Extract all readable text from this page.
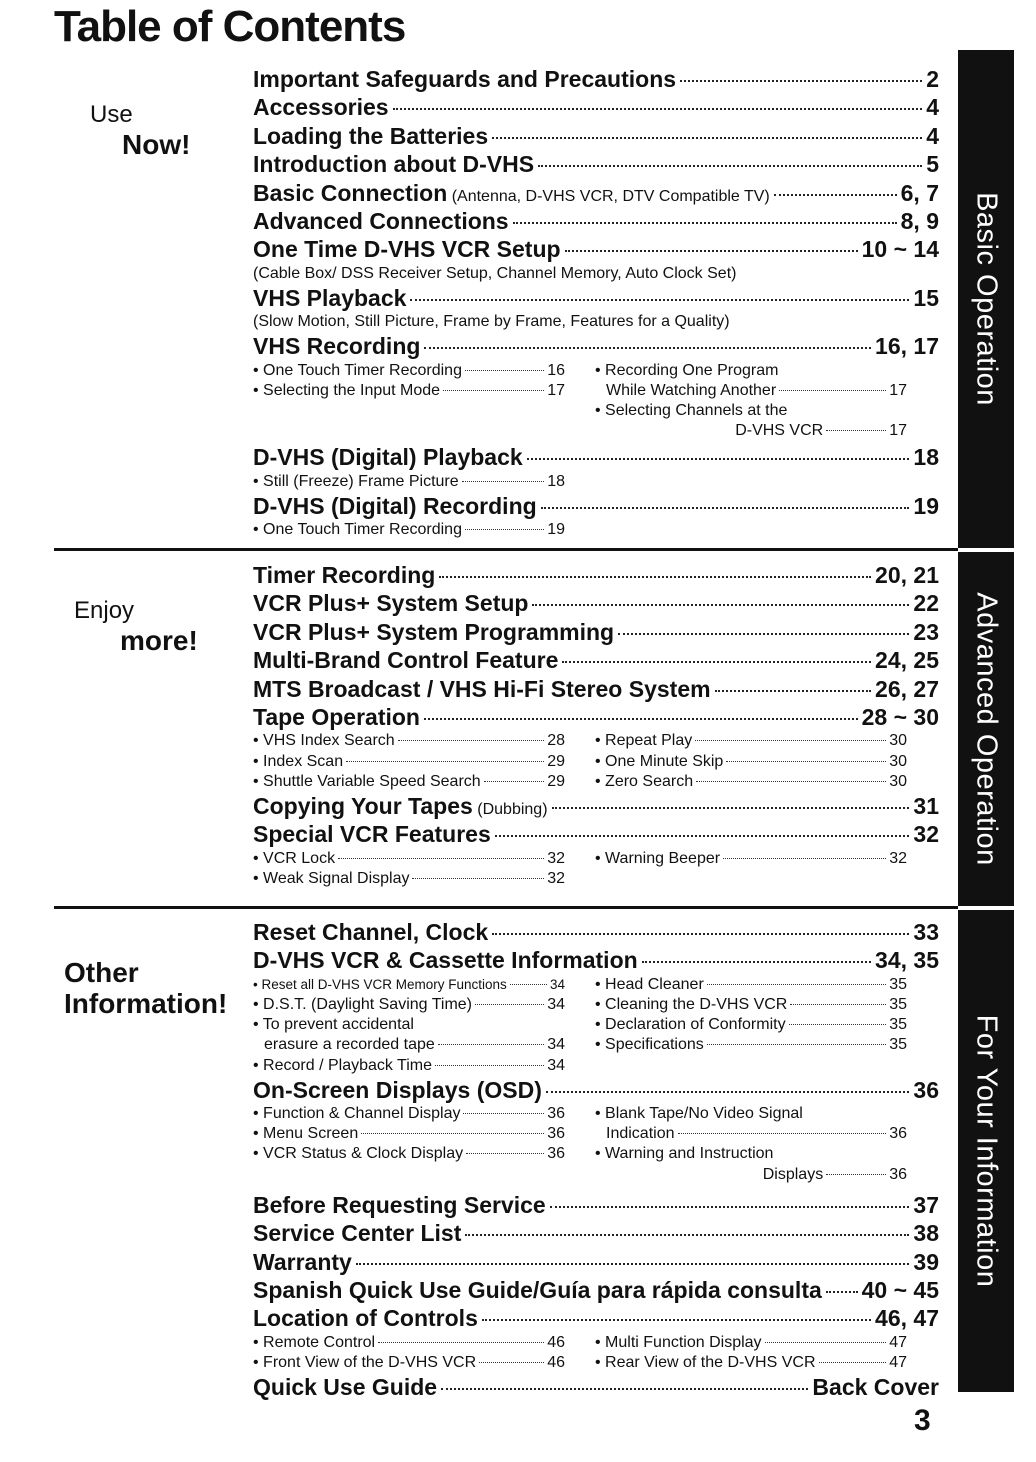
Table of Contents
Use
Now!
Basic Operation
Important Safeguards and Precautions	2
Accessories	4
Loading the Batteries	4
Introduction about D-VHS	5
Basic Connection (Antenna, D-VHS VCR, DTV Compatible TV)	6, 7
Advanced Connections	8, 9
One Time D-VHS VCR Setup	10 ~ 14
(Cable Box/ DSS Receiver Setup, Channel Memory, Auto Clock Set)
VHS Playback	15
(Slow Motion, Still Picture, Frame by Frame, Features for a Quality)
VHS Recording	16, 17
• One Touch Timer Recording	16
• Selecting the Input Mode	17
• Recording One Program
While Watching Another	17
• Selecting Channels at the
D-VHS VCR	17
D-VHS (Digital) Playback	18
• Still (Freeze) Frame Picture	18
D-VHS (Digital) Recording	19
• One Touch Timer Recording	19
Enjoy
more!	Advanced Operation
Timer Recording	20, 21
VCR Plus+ System Setup	22
VCR Plus+ System Programming	23
Multi-Brand Control Feature	24, 25
MTS Broadcast / VHS Hi-Fi Stereo System	26, 27
Tape Operation	28 ~ 30
• VHS Index Search	28
• Index Scan	29
• Shuttle Variable Speed Search	29
• Repeat Play	30
• One Minute Skip	30
• Zero Search	30
Copying Your Tapes (Dubbing)	31
Special VCR Features	32
• VCR Lock	32
• Weak Signal Display	32
• Warning Beeper	32
Other Information!
For Your Information
Reset Channel, Clock	33
D-VHS VCR & Cassette Information	34, 35
• Reset all D-VHS VCR Memory Functions	34
• D.S.T. (Daylight Saving Time)	34
• To prevent accidental
erasure a recorded tape	34
• Record / Playback Time	34
• Head Cleaner	35
• Cleaning the D-VHS VCR	35
• Declaration of Conformity	35
• Specifications	35
On-Screen Displays (OSD)	36
• Function & Channel Display	36
• Menu Screen	36
• VCR Status & Clock Display	36
• Blank Tape/No Video Signal
Indication	36
• Warning and Instruction
Displays	36
Before Requesting Service	37
Service Center List	38
Warranty	39
Spanish Quick Use Guide/Guía para rápida consulta 40 ~ 45
Location of Controls	46, 47
• Remote Control	46
• Front View of the D-VHS VCR	46
• Multi Function Display	47
• Rear View of the D-VHS VCR	47
Quick Use Guide	Back Cover
3
